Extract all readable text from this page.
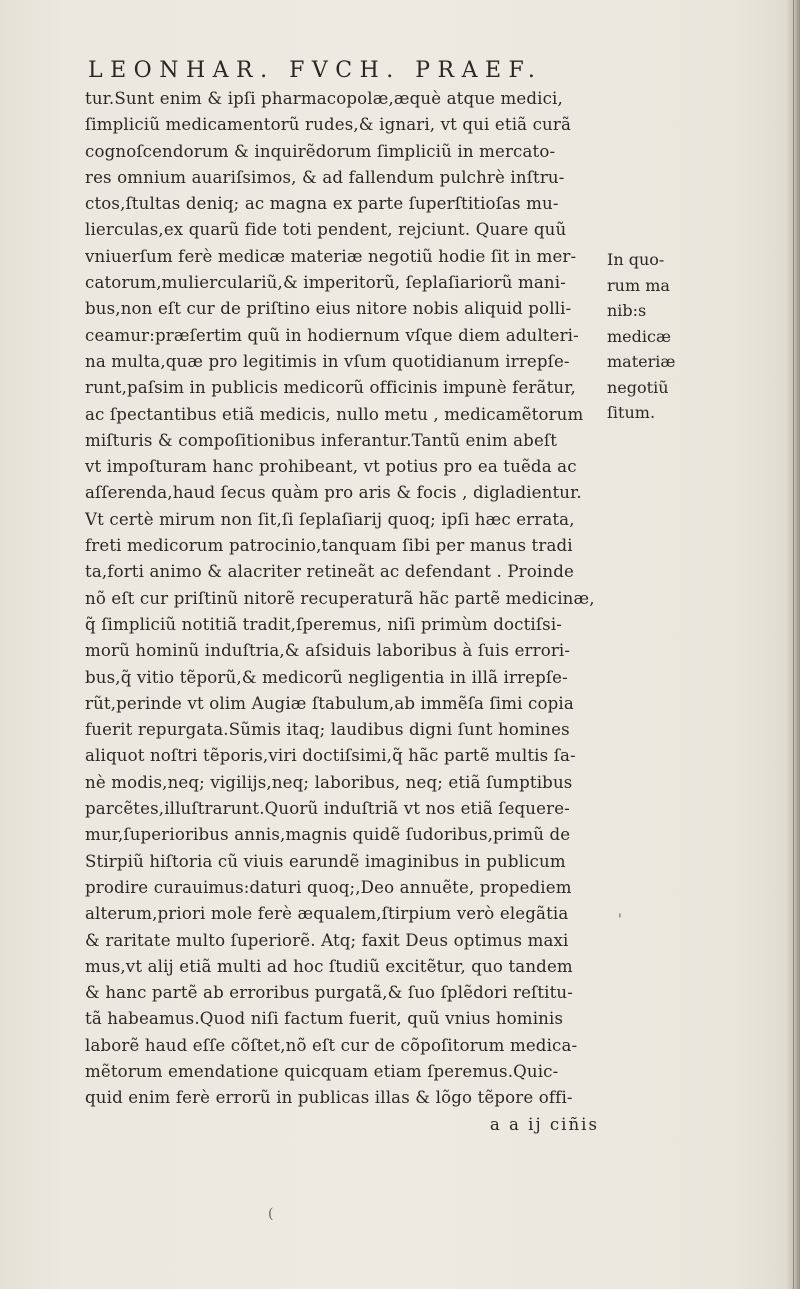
LEONHAR. FVCH. PRAEF.
tur.Sunt enim & ipſi pharmacopolæ,æquè atque medici,
ſimpliciũ medicamentorũ rudes,& ignari, vt qui etiã curã
cognoſcendorum & inquirẽdorum ſimpliciũ in mercato-
res omnium auariſsimos, & ad fallendum pulchrè inſtru-
ctos,ſtultas deniq; ac magna ex parte ſuperſtitioſas mu-
lierculas,ex quarũ fide toti pendent, rejciunt. Quare quũ
vniuerſum ferè medicæ materiæ negotiũ hodie ſit in mer-
catorum,mulierculariũ,& imperitorũ, ſeplaſiariorũ mani-
bus,non eſt cur de priſtino eius nitore nobis aliquid polli-
ceamur:præſertim quũ in hodiernum vſque diem adulteri-
na multa,quæ pro legitimis in vſum quotidianum irrepſe-
runt,paſsim in publicis medicorũ officinis impunè ferãtur,
ac ſpectantibus etiã medicis, nullo metu , medicamẽtorum
miſturis & compoſitionibus inferantur.Tantũ enim abeſt
vt impoſturam hanc prohibeant, vt potius pro ea tuẽda ac
aſſerenda,haud ſecus quàm pro aris & focis , digladientur.
Vt certè mirum non ſit,ſi ſeplaſiarij quoq; ipſi hæc errata,
freti medicorum patrocinio,tanquam ſibi per manus tradi
ta,forti animo & alacriter retineãt ac defendant . Proinde
nõ eſt cur priſtinũ nitorẽ recuperaturã hãc partẽ medicinæ,
q̃ ſimpliciũ notitiã tradit,ſperemus, niſi primùm doctiſsi-
morũ hominũ induſtria,& aſsiduis laboribus à ſuis errori-
bus,q̃ vitio tẽporũ,& medicorũ negligentia in illã irrepſe-
rũt,perinde vt olim Augiæ ſtabulum,ab immẽſa ſimi copia
fuerit repurgata.Sũmis itaq; laudibus digni ſunt homines
aliquot noſtri tẽporis,viri doctiſsimi,q̃ hãc partẽ multis ſa-
nè modis,neq; vigilijs,neq; laboribus, neq; etiã ſumptibus
parcẽtes,illuſtrarunt.Quorũ induſtriã vt nos etiã ſequere-
mur,ſuperioribus annis,magnis quidẽ ſudoribus,primũ de
Stirpiũ hiſtoria cũ viuis earundẽ imaginibus in publicum
prodire curauimus:daturi quoq;,Deo annuẽte, propediem
alterum,priori mole ferè æqualem,ſtirpium verò elegãtia
& raritate multo ſuperiorẽ. Atq; faxit Deus optimus maxi
mus,vt alij etiã multi ad hoc ſtudiũ excitẽtur, quo tandem
& hanc partẽ ab erroribus purgatã,& ſuo ſplẽdori reſtitu-
tã habeamus.Quod niſi factum fuerit, quũ vnius hominis
laborẽ haud eſſe cõſtet,nõ eſt cur de cõpoſitorum medica-
mẽtorum emendatione quicquam etiam ſperemus.Quic-
quid enim ferè errorũ in publicas illas & lõgo tẽpore offi-
a a ij ciñis
In quo-
rum ma
nib:s
medicæ
materiæ
negotiũ
ſitum.
'
(
